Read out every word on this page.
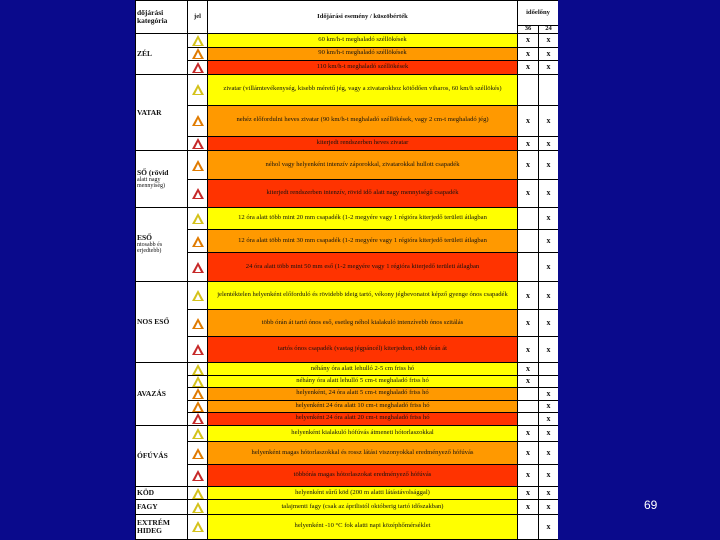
dőjárási kategória	jel	Időjárási esemény / küszöbérték	időelőny	
			36	24

ZÉL		60 km/h-t meghaladó széllökések	x	x
		90 km/h-t meghaladó széllökések	x	x
		110 km/h-t meghaladó széllökések	x	x

VATAR		zivatar (villámtevékenység, kisebb méretű jég, vagy a zivatarokhoz kötődően viharos, 60 km/h széllökés)		
		nehéz előfordulni heves zivatar (90 km/h-t meghaladó széllökések, vagy 2 cm-t meghaladó jég)	x	x
		kiterjedt rendszerben heves zivatar	x	x

SŐ (rövid
alatt nagy mennyiség)		néhol vagy helyenként intenzív záporokkal, zivatarokkal hullott csapadék	x	x
		kiterjedt rendszerben intenzív, rövid idő alatt nagy mennyiségű csapadék	x	x

ESŐ
ntosabb és erjedtebb)		12 óra alatt több mint 20 mm csapadék (1-2 megyére vagy 1 régióra kiterjedő területi átlagban		x
		12 óra alatt több mint 30 mm csapadék (1-2 megyére vagy 1 régióra kiterjedő területi átlagban		x
		24 óra alatt több mint 50 mm eső (1-2 megyére vagy 1 régióra kiterjedő területi átlagban		x

NOS ESŐ		jelentéktelen helyenként előforduló és rövidebb ideig tartó, vékony jégbevonatot képző gyenge ónos csapadék	x	x
		több órán át tartó ónos eső, esetleg néhol kialakuló intenzívebb ónos szitálás	x	x
		tartós ónos csapadék (vastag jégpáncél) kiterjedten, több órán át	x	x

AVAZÁS		néhány óra alatt lehulló 2-5 cm friss hó	x	
		néhány óra alatt lehulló 5 cm-t meghaladó friss hó	x	
		helyenként, 24 óra alatt 5 cm-t meghaladó friss hó		x
		helyenként 24 óra alatt 10 cm-t meghaladó friss hó		x
		helyenként 24 óra alatt 20 cm-t meghaladó friss hó		x

ÓFÚVÁS		helyenként kialakuló hófúvás átmeneti hótorlaszokkal	x	x
		helyenként magas hótorlaszokkal és rossz látási viszonyokkal eredményező hófúvás	x	x
		többórás magas hótorlaszokat eredményező hófúvás	x	x

KÖD		helyenként sűrű köd (200 m alatti látástávolsággal)	x	x

FAGY		talajmenti fagy (csak az áprilistól októberig tartó időszakban)	x	x

EXTRÉM HIDEG		helyenként -10 °C fok alatti napi középhőmérséklet		x
69
